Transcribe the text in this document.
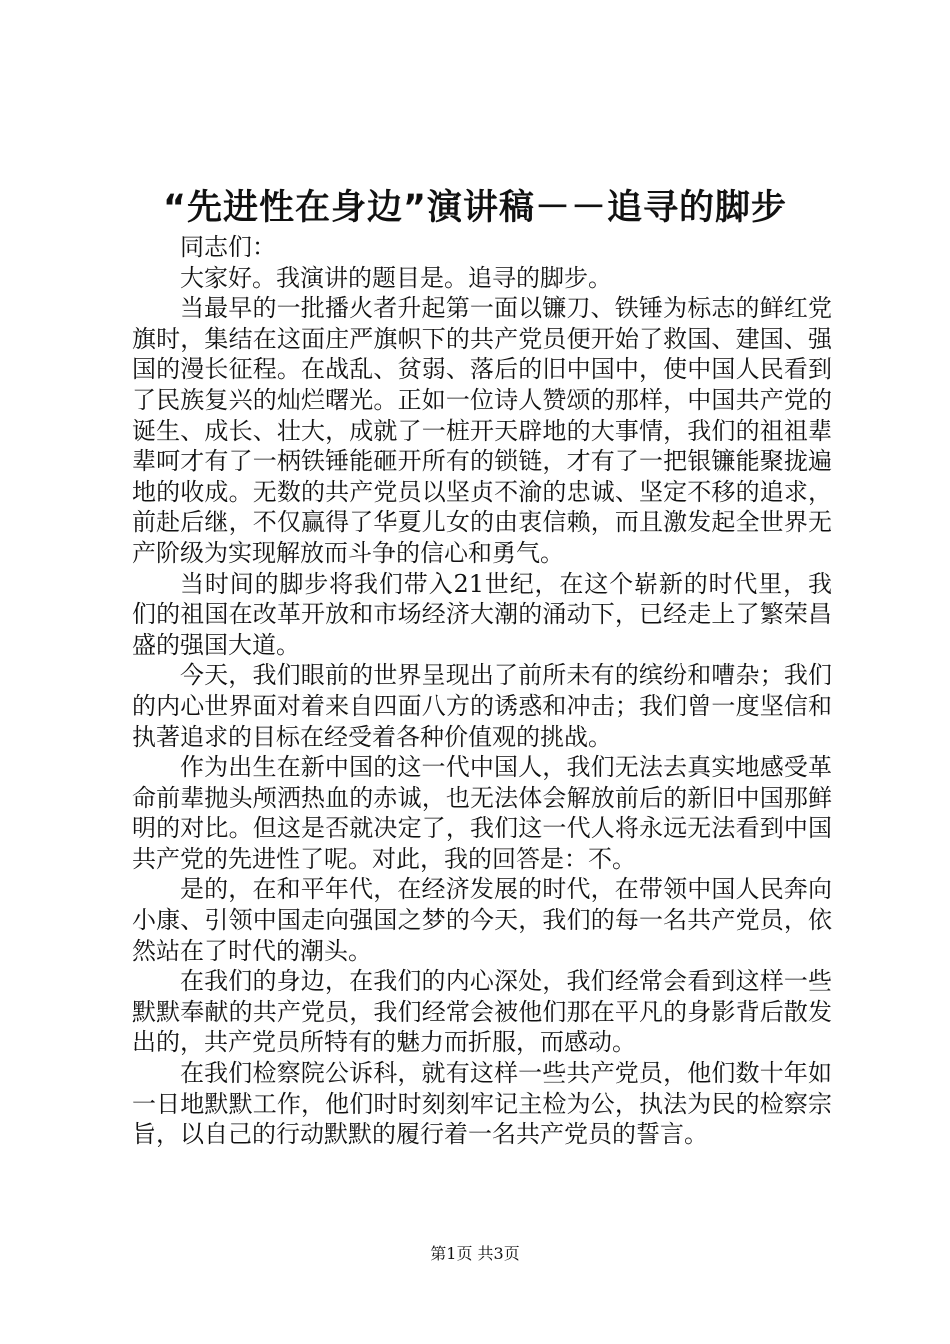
“先进性在身边”演讲稿－－追寻的脚步

同志们：

大家好。我演讲的题目是。追寻的脚步。

当最早的一批播火者升起第一面以镰刀、铁锤为标志的鲜红党旗时，集结在这面庄严旗帜下的共产党员便开始了救国、建国、强国的漫长征程。在战乱、贫弱、落后的旧中国中，使中国人民看到了民族复兴的灿烂曙光。正如一位诗人赞颂的那样，中国共产党的诞生、成长、壮大，成就了一桩开天辟地的大事情，我们的祖祖辈辈呵才有了一柄铁锤能砸开所有的锁链，才有了一把银镰能聚拢遍地的收成。无数的共产党员以坚贞不渝的忠诚、坚定不移的追求，前赴后继，不仅赢得了华夏儿女的由衷信赖，而且激发起全世界无产阶级为实现解放而斗争的信心和勇气。

当时间的脚步将我们带入21世纪，在这个崭新的时代里，我们的祖国在改革开放和市场经济大潮的涌动下，已经走上了繁荣昌盛的强国大道。

今天，我们眼前的世界呈现出了前所未有的缤纷和嘈杂；我们的内心世界面对着来自四面八方的诱惑和冲击；我们曾一度坚信和执著追求的目标在经受着各种价值观的挑战。

作为出生在新中国的这一代中国人，我们无法去真实地感受革命前辈抛头颅洒热血的赤诚，也无法体会解放前后的新旧中国那鲜明的对比。但这是否就决定了，我们这一代人将永远无法看到中国共产党的先进性了呢。对此，我的回答是：不。

是的，在和平年代，在经济发展的时代，在带领中国人民奔向小康、引领中国走向强国之梦的今天，我们的每一名共产党员，依然站在了时代的潮头。

在我们的身边，在我们的内心深处，我们经常会看到这样一些默默奉献的共产党员，我们经常会被他们那在平凡的身影背后散发出的，共产党员所特有的魅力而折服，而感动。

在我们检察院公诉科，就有这样一些共产党员，他们数十年如一日地默默工作，他们时时刻刻牢记主检为公，执法为民的检察宗旨，以自己的行动默默的履行着一名共产党员的誓言。

第1页 共3页
